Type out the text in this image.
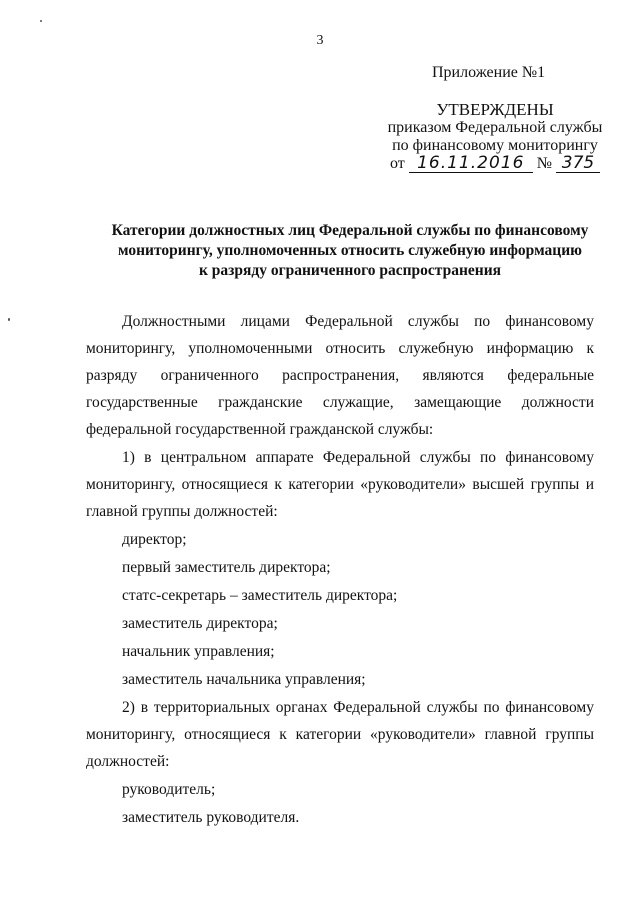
3
Приложение №1
УТВЕРЖДЕНЫ
приказом Федеральной службы
по финансовому мониторингу
от 16.11.2016 № 375
Категории должностных лиц Федеральной службы по финансовому
мониторингу, уполномоченных относить служебную информацию
к разряду ограниченного распространения
Должностными лицами Федеральной службы по финансовому мониторингу, уполномоченными относить служебную информацию к разряду ограниченного распространения, являются федеральные государственные гражданские служащие, замещающие должности федеральной государственной гражданской службы:
1) в центральном аппарате Федеральной службы по финансовому мониторингу, относящиеся к категории «руководители» высшей группы и главной группы должностей:
директор;
первый заместитель директора;
статс-секретарь – заместитель директора;
заместитель директора;
начальник управления;
заместитель начальника управления;
2) в территориальных органах Федеральной службы по финансовому мониторингу, относящиеся к категории «руководители» главной группы должностей:
руководитель;
заместитель руководителя.
